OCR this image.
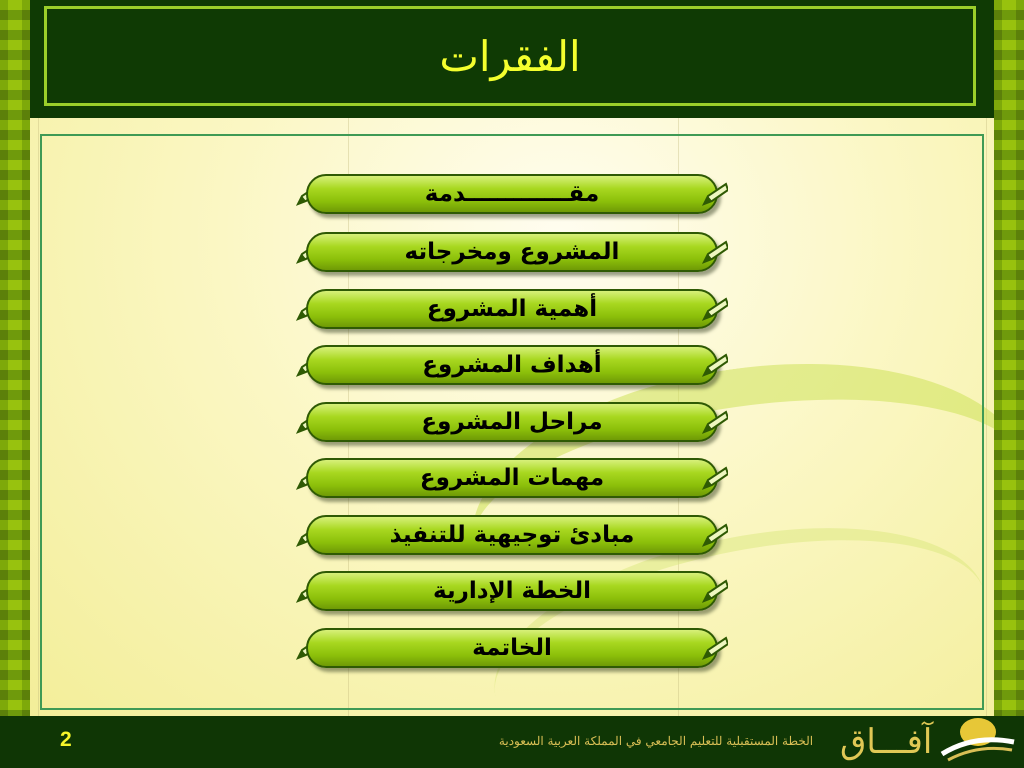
الفقرات
مقـــــــــــــدمة
المشروع ومخرجاته
أهمية المشروع
أهداف المشروع
مراحل المشروع
مهمات المشروع
مبادئ توجيهية للتنفيذ
الخطة الإدارية
الخاتمة
2	الخطة المستقبلية للتعليم الجامعي في المملكة العربية السعودية آفـــاق
